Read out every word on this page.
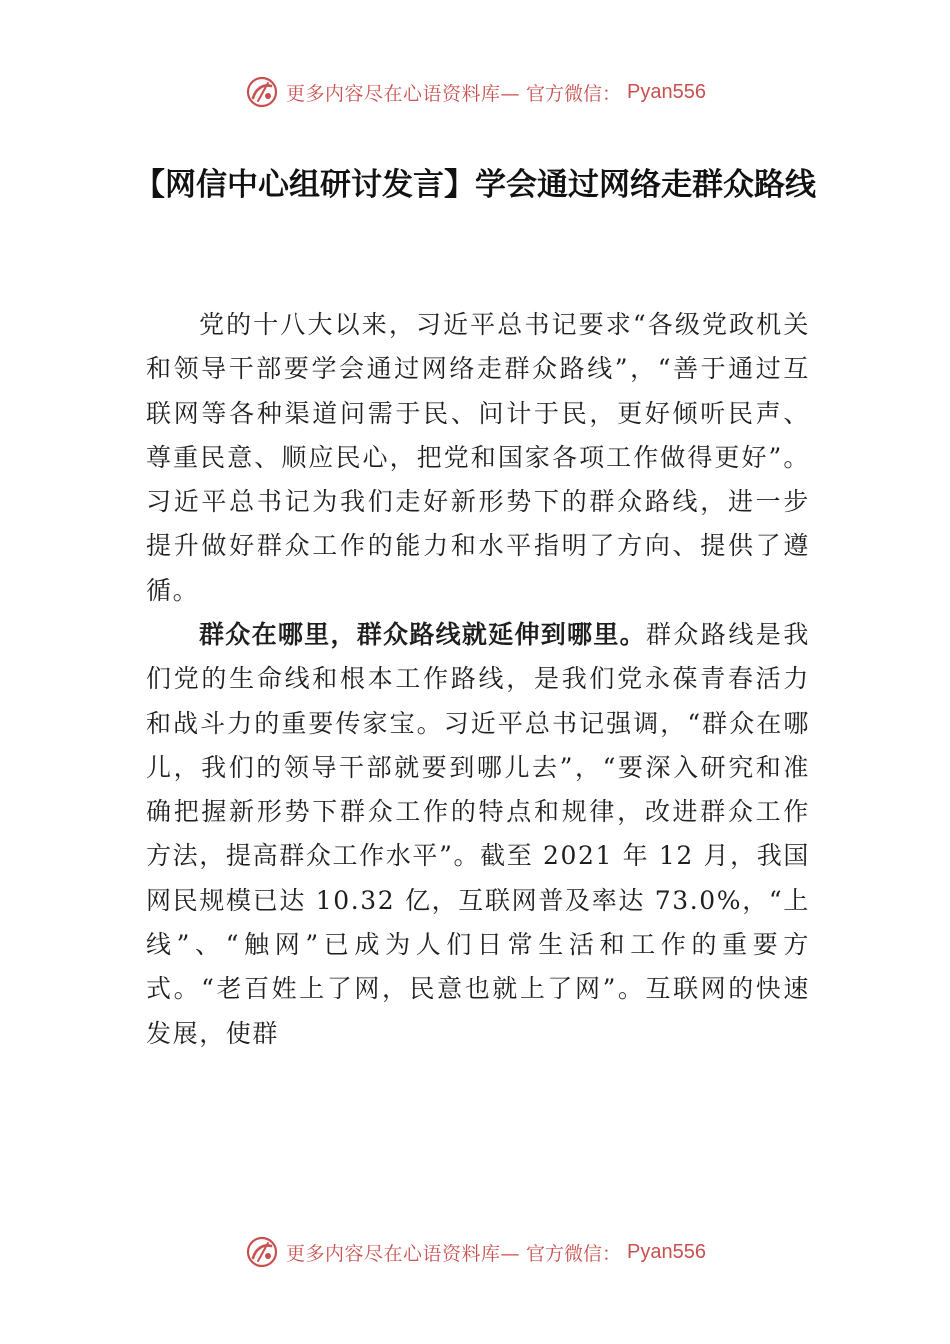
更多内容尽在心语资料库— 官方微信： Pyan556
【网信中心组研讨发言】学会通过网络走群众路线

党的十八大以来，习近平总书记要求“各级党政机关和领导干部要学会通过网络走群众路线”，“善于通过互联网等各种渠道问需于民、问计于民，更好倾听民声、尊重民意、顺应民心，把党和国家各项工作做得更好”。习近平总书记为我们走好新形势下的群众路线，进一步提升做好群众工作的能力和水平指明了方向、提供了遵循。

群众在哪里，群众路线就延伸到哪里。群众路线是我们党的生命线和根本工作路线，是我们党永葆青春活力和战斗力的重要传家宝。习近平总书记强调，“群众在哪儿，我们的领导干部就要到哪儿去”，“要深入研究和准确把握新形势下群众工作的特点和规律，改进群众工作方法，提高群众工作水平”。截至 2021 年 12 月，我国网民规模已达 10.32 亿，互联网普及率达 73.0%，“上线”、“触网”已成为人们日常生活和工作的重要方式。“老百姓上了网，民意也就上了网”。互联网的快速发展，使群

更多内容尽在心语资料库— 官方微信： Pyan556
